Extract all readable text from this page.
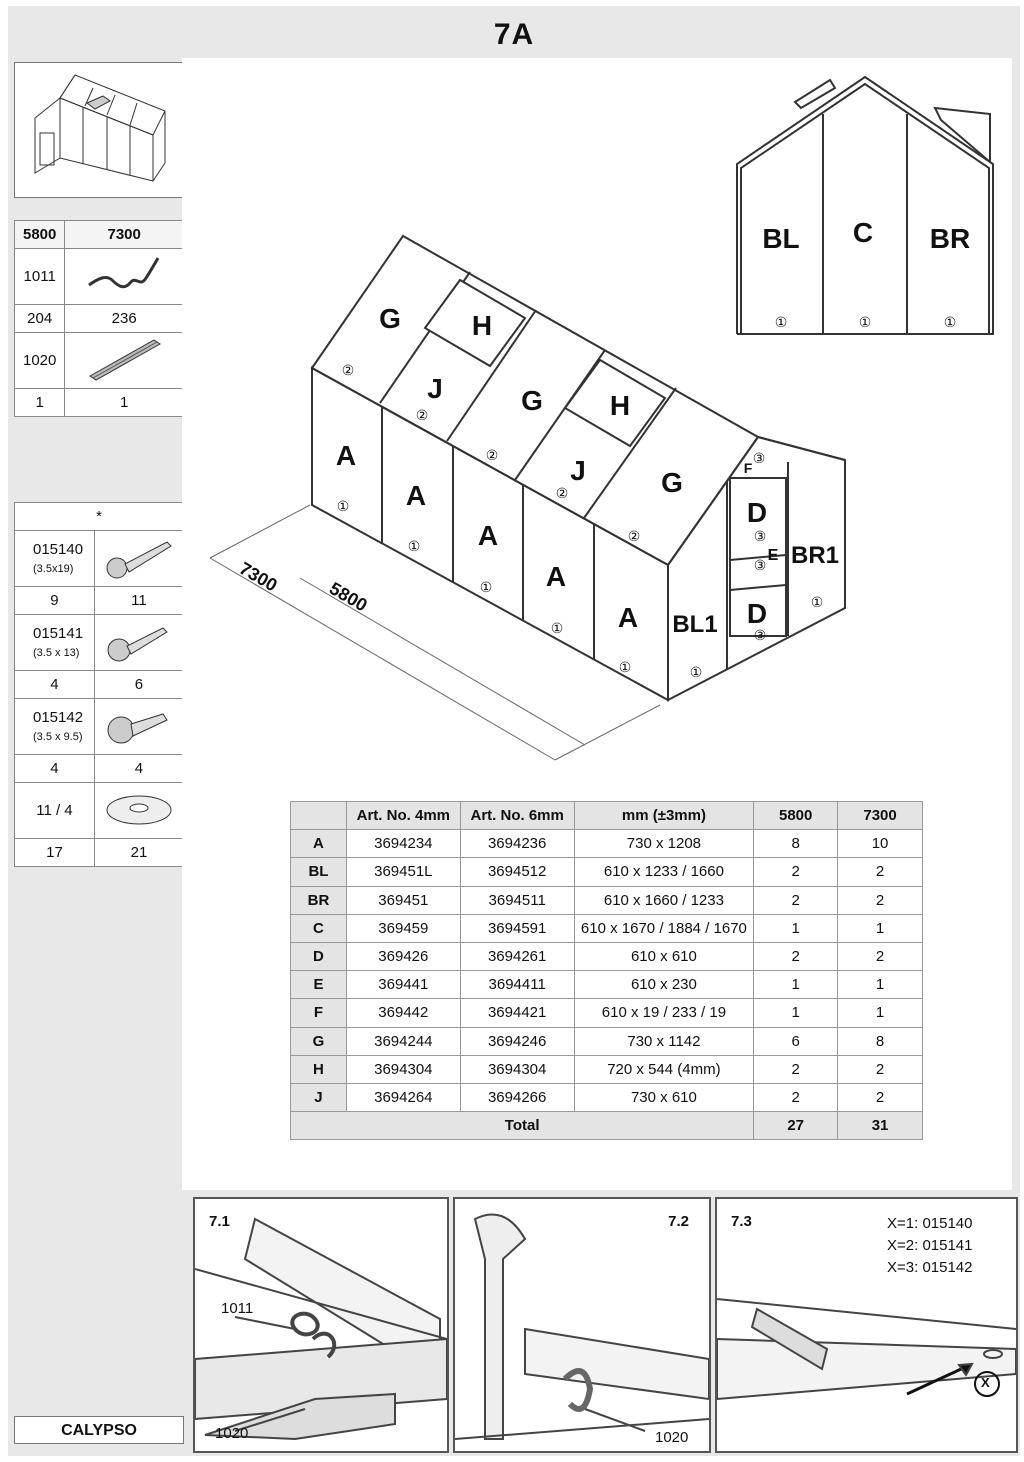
7A
5800	7300
1011	
204	236
1020	
1	1
*	
015140
(3.5x19)	
9	11
015141
(3.5 x 13)	
4	6
015142
(3.5 x 9.5)	
4	4
11 / 4	
17	21
CALYPSO
G	H
J	G H
J	G
A
A
A
A
A BL1
D
E
D
BR1
F
②
②
②
②
②
①
①
①
①
①	①
①
③
③
③
③
7300
5800
BL C BR
①	①	①
	Art. No. 4mm	Art. No. 6mm	mm (±3mm)	5800	7300
A	3694234	3694236	730 x 1208	8	10
BL	369451L	3694512	610 x 1233 / 1660	2	2
BR	369451	3694511	610 x 1660 / 1233	2	2
C	369459	3694591	610 x 1670 / 1884 / 1670	1	1
D	369426	3694261	610 x 610	2	2
E	369441	3694411	610 x 230	1	1
F	369442	3694421	610 x 19 / 233 / 19	1	1
G	3694244	3694246	730 x 1142	6	8
H	3694304	3694304	720 x 544 (4mm)	2	2
J	3694264	3694266	730 x 610	2	2
Total				27	31
7.1
1011
1020
7.2
1020
7.3	X=1: 015140
X=2: 015141
X=3: 015142
X
